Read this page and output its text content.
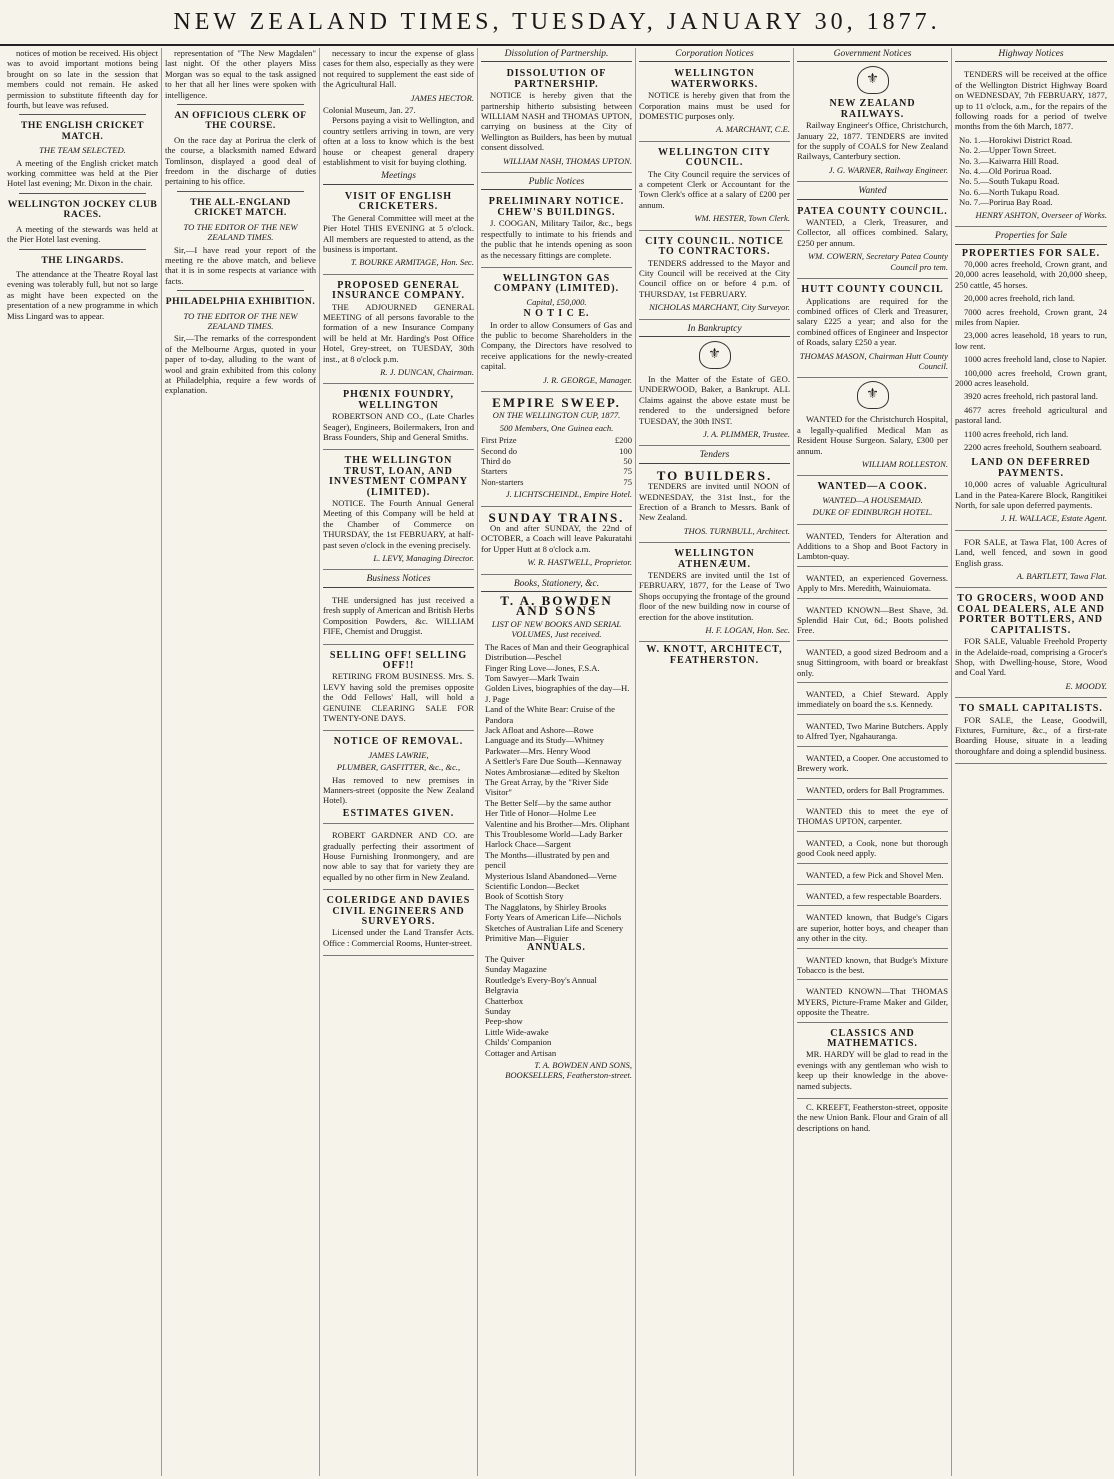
NEW ZEALAND TIMES, TUESDAY, JANUARY 30, 1877.

notices of motion be received. His object was to avoid important motions being brought on so late in the session that members could not remain. He asked permission to substitute fifteenth day for fourth, but leave was refused.

THE ENGLISH CRICKET MATCH.
THE TEAM SELECTED.

A meeting of the English cricket match working committee was held at the Pier Hotel last evening; Mr. Dixon in the chair.

WELLINGTON JOCKEY CLUB RACES.

A meeting of the stewards was held at the Pier Hotel last evening.

THE LINGARDS.

The attendance at the Theatre Royal last evening was tolerably full, but not so large as might have been expected on the presentation of a new programme in which Miss Lingard was to appear.

representation of "The New Magdalen" last night. Of the other players Miss Morgan was so equal to the task assigned to her that all her lines were spoken with intelligence.

AN OFFICIOUS CLERK OF THE COURSE.

On the race day at Porirua the clerk of the course, a blacksmith named Edward Tomlinson, displayed a good deal of freedom in the discharge of duties pertaining to his office.

THE ALL-ENGLAND CRICKET MATCH.
TO THE EDITOR OF THE NEW ZEALAND TIMES.

Sir,—I have read your report of the meeting re the above match, and believe that it is in some respects at variance with facts.

PHILADELPHIA EXHIBITION.
TO THE EDITOR OF THE NEW ZEALAND TIMES.

Sir,—The remarks of the correspondent of the Melbourne Argus, quoted in your paper of to-day, alluding to the want of wool and grain exhibited from this colony at Philadelphia, require a few words of explanation.

necessary to incur the expense of glass cases for them also, especially as they were not required to supplement the east side of the Agricultural Hall.

JAMES HECTOR.
Colonial Museum, Jan. 27.

Persons paying a visit to Wellington, and country settlers arriving in town, are very often at a loss to know which is the best house or cheapest general drapery establishment to visit for buying clothing.

Meetings
VISIT OF ENGLISH CRICKETERS.

The General Committee will meet at the Pier Hotel THIS EVENING at 5 o'clock. All members are requested to attend, as the business is important.

T. BOURKE ARMITAGE, Hon. Sec.
PROPOSED GENERAL INSURANCE COMPANY.

THE ADJOURNED GENERAL MEETING of all persons favorable to the formation of a new Insurance Company will be held at Mr. Harding's Post Office Hotel, Grey-street, on TUESDAY, 30th inst., at 8 o'clock p.m.

R. J. DUNCAN, Chairman.
PHŒNIX FOUNDRY, WELLINGTON

ROBERTSON AND CO., (Late Charles Seager), Engineers, Boilermakers, Iron and Brass Founders, Ship and General Smiths.

THE WELLINGTON TRUST, LOAN, AND INVESTMENT COMPANY (LIMITED).

NOTICE. The Fourth Annual General Meeting of this Company will be held at the Chamber of Commerce on THURSDAY, the 1st FEBRUARY, at half-past seven o'clock in the evening precisely.

L. LEVY, Managing Director.
Business Notices

THE undersigned has just received a fresh supply of American and British Herbs Composition Powders, &c. WILLIAM FIFE, Chemist and Druggist.

SELLING OFF! SELLING OFF!!

RETIRING FROM BUSINESS. Mrs. S. LEVY having sold the premises opposite the Odd Fellows' Hall, will hold a GENUINE CLEARING SALE FOR TWENTY-ONE DAYS.

NOTICE OF REMOVAL.
JAMES LAWRIE,
PLUMBER, GASFITTER, &c., &c.,

Has removed to new premises in Manners-street (opposite the New Zealand Hotel).

ESTIMATES GIVEN.

ROBERT GARDNER AND CO. are gradually perfecting their assortment of House Furnishing Ironmongery, and are now able to say that for variety they are equalled by no other firm in New Zealand.

COLERIDGE AND DAVIES CIVIL ENGINEERS AND SURVEYORS.

Licensed under the Land Transfer Acts. Office : Commercial Rooms, Hunter-street.

Dissolution of Partnership.
DISSOLUTION OF PARTNERSHIP.

NOTICE is hereby given that the partnership hitherto subsisting between WILLIAM NASH and THOMAS UPTON, carrying on business at the City of Wellington as Builders, has been by mutual consent dissolved.

WILLIAM NASH, THOMAS UPTON.
Public Notices
PRELIMINARY NOTICE. CHEW'S BUILDINGS.

J. COOGAN, Military Tailor, &c., begs respectfully to intimate to his friends and the public that he intends opening as soon as the necessary fittings are complete.

WELLINGTON GAS COMPANY (LIMITED).
Capital, £50,000.
N O T I C E.

In order to allow Consumers of Gas and the public to become Shareholders in the Company, the Directors have resolved to receive applications for the newly-created capital.

J. R. GEORGE, Manager.
EMPIRE SWEEP.
ON THE WELLINGTON CUP, 1877.
500 Members, One Guinea each.
First Prize	£200
Second do	100
Third do	50
Starters	75
Non-starters	75
J. LICHTSCHEINDL, Empire Hotel.
SUNDAY TRAINS.

On and after SUNDAY, the 22nd of OCTOBER, a Coach will leave Pakuratahi for Upper Hutt at 8 o'clock a.m.

W. R. HASTWELL, Proprietor.
Books, Stationery, &c.
T. A. BOWDEN AND SONS
LIST OF NEW BOOKS AND SERIAL VOLUMES, Just received.
The Races of Man and their Geographical Distribution—Peschel
Finger Ring Love—Jones, F.S.A.
Tom Sawyer—Mark Twain
Golden Lives, biographies of the day—H. J. Page
Land of the White Bear: Cruise of the Pandora
Jack Afloat and Ashore—Rowe
Language and its Study—Whitney
Parkwater—Mrs. Henry Wood
A Settler's Fare Due South—Kennaway
Notes Ambrosianæ—edited by Skelton
The Great Array, by the "River Side Visitor"
The Better Self—by the same author
Her Title of Honor—Holme Lee
Valentine and his Brother—Mrs. Oliphant
This Troublesome World—Lady Barker
Harlock Chace—Sargent
The Months—illustrated by pen and pencil
Mysterious Island Abandoned—Verne
Scientific London—Becket
Book of Scottish Story
The Nagglatons, by Shirley Brooks
Forty Years of American Life—Nichols
Sketches of Australian Life and Scenery
Primitive Man—Figuier
ANNUALS.
The Quiver
Sunday Magazine
Routledge's Every-Boy's Annual
Belgravia
Chatterbox
Sunday
Peep-show
Little Wide-awake
Childs' Companion
Cottager and Artisan
T. A. BOWDEN AND SONS, BOOKSELLERS, Featherston-street.
Corporation Notices
WELLINGTON WATERWORKS.

NOTICE is hereby given that from the Corporation mains must be used for DOMESTIC purposes only.

A. MARCHANT, C.E.
WELLINGTON CITY COUNCIL.

The City Council require the services of a competent Clerk or Accountant for the Town Clerk's office at a salary of £200 per annum.

WM. HESTER, Town Clerk.
CITY COUNCIL. NOTICE TO CONTRACTORS.

TENDERS addressed to the Mayor and City Council will be received at the City Council office on or before 4 p.m. of THURSDAY, 1st FEBRUARY.

NICHOLAS MARCHANT, City Surveyor.
In Bankruptcy
⚜

In the Matter of the Estate of GEO. UNDERWOOD, Baker, a Bankrupt. ALL Claims against the above estate must be rendered to the undersigned before TUESDAY, the 30th INST.

J. A. PLIMMER, Trustee.
Tenders
TO BUILDERS.

TENDERS are invited until NOON of WEDNESDAY, the 31st Inst., for the Erection of a Branch to Messrs. Bank of New Zealand.

THOS. TURNBULL, Architect.
WELLINGTON ATHENÆUM.

TENDERS are invited until the 1st of FEBRUARY, 1877, for the Lease of Two Shops occupying the frontage of the ground floor of the new building now in course of erection for the above institution.

H. F. LOGAN, Hon. Sec.
W. KNOTT, ARCHITECT, FEATHERSTON.
Government Notices
⚜
NEW ZEALAND RAILWAYS.

Railway Engineer's Office, Christchurch, January 22, 1877. TENDERS are invited for the supply of COALS for New Zealand Railways, Canterbury section.

J. G. WARNER, Railway Engineer.
Wanted
PATEA COUNTY COUNCIL.

WANTED, a Clerk, Treasurer, and Collector, all offices combined. Salary, £250 per annum.

WM. COWERN, Secretary Patea County Council pro tem.
HUTT COUNTY COUNCIL

Applications are required for the combined offices of Clerk and Treasurer, salary £225 a year; and also for the combined offices of Engineer and Inspector of Roads, salary £250 a year.

THOMAS MASON, Chairman Hutt County Council.
⚜

WANTED for the Christchurch Hospital, a legally-qualified Medical Man as Resident House Surgeon. Salary, £300 per annum.

WILLIAM ROLLESTON.
WANTED—A COOK.
WANTED—A HOUSEMAID.
DUKE OF EDINBURGH HOTEL.
WANTED, Tenders for Alteration and Additions to a Shop and Boot Factory in Lambton-quay.
WANTED, an experienced Governess. Apply to Mrs. Meredith, Wainuiomata.
WANTED KNOWN—Best Shave, 3d. Splendid Hair Cut, 6d.; Boots polished Free.
WANTED, a good sized Bedroom and a snug Sittingroom, with board or breakfast only.
WANTED, a Chief Steward. Apply immediately on board the s.s. Kennedy.
WANTED, Two Marine Butchers. Apply to Alfred Tyer, Ngahauranga.
WANTED, a Cooper. One accustomed to Brewery work.
WANTED, orders for Ball Programmes.
WANTED this to meet the eye of THOMAS UPTON, carpenter.
WANTED, a Cook, none but thorough good Cook need apply.
WANTED, a few Pick and Shovel Men.
WANTED, a few respectable Boarders.
WANTED known, that Budge's Cigars are superior, hotter boys, and cheaper than any other in the city.
WANTED known, that Budge's Mixture Tobacco is the best.
WANTED KNOWN—That THOMAS MYERS, Picture-Frame Maker and Gilder, opposite the Theatre.
CLASSICS AND MATHEMATICS.

MR. HARDY will be glad to read in the evenings with any gentleman who wish to keep up their knowledge in the above-named subjects.

C. KREEFT, Featherston-street, opposite the new Union Bank. Flour and Grain of all descriptions on hand.

Highway Notices

TENDERS will be received at the office of the Wellington District Highway Board on WEDNESDAY, 7th FEBRUARY, 1877, up to 11 o'clock, a.m., for the repairs of the following roads for a period of twelve months from the 6th March, 1877.

No. 1.—Horokiwi District Road.
No. 2.—Upper Town Street.
No. 3.—Kaiwarra Hill Road.
No. 4.—Old Porirua Road.
No. 5.—South Tukapu Road.
No. 6.—North Tukapu Road.
No. 7.—Porirua Bay Road.
HENRY ASHTON, Overseer of Works.
Properties for Sale
PROPERTIES FOR SALE.
70,000 acres freehold, Crown grant, and 20,000 acres leasehold, with 20,000 sheep, 250 cattle, 45 horses.
20,000 acres freehold, rich land.
7000 acres freehold, Crown grant, 24 miles from Napier.
23,000 acres leasehold, 18 years to run, low rent.
1000 acres freehold land, close to Napier.
100,000 acres freehold, Crown grant, 2000 acres leasehold.
3920 acres freehold, rich pastoral land.
4677 acres freehold agricultural and pastoral land.
1100 acres freehold, rich land.
2200 acres freehold, Southern seaboard.
LAND ON DEFERRED PAYMENTS.

10,000 acres of valuable Agricultural Land in the Patea-Karere Block, Rangitikei North, for sale upon deferred payments.

J. H. WALLACE, Estate Agent.

FOR SALE, at Tawa Flat, 100 Acres of Land, well fenced, and sown in good English grass.

A. BARTLETT, Tawa Flat.
TO GROCERS, WOOD AND COAL DEALERS, ALE AND PORTER BOTTLERS, AND CAPITALISTS.

FOR SALE, Valuable Freehold Property in the Adelaide-road, comprising a Grocer's Shop, with Dwelling-house, Store, Wood and Coal Yard.

E. MOODY.
TO SMALL CAPITALISTS.

FOR SALE, the Lease, Goodwill, Fixtures, Furniture, &c., of a first-rate Boarding House, situate in a leading thoroughfare and doing a splendid business.
